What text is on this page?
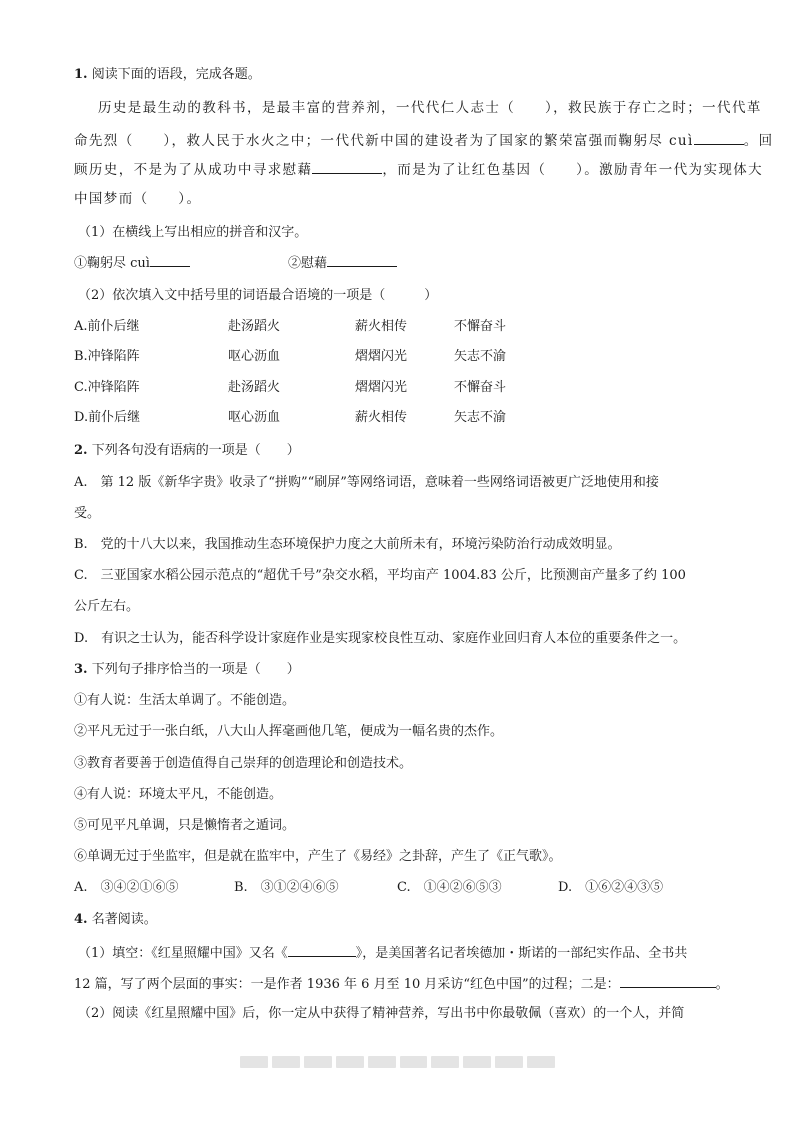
1. 阅读下面的语段，完成各题。
历史是最生动的教科书，是最丰富的营养剂，一代代仁人志士（　　），救民族于存亡之时；一代代革
命先烈（　　），救人民于水火之中；一代代新中国的建设者为了国家的繁荣富强而鞠躬尽 cuì	。回
顾历史，不是为了从成功中寻求慰藉	，而是为了让红色基因（　　）。激励青年一代为实现体大
中国梦而（　　）。
（1）在横线上写出相应的拼音和汉字。
①鞠躬尽 cuì	②慰藉
（2）依次填入文中括号里的词语最合语境的一项是（　　　）
A.前仆后继	赴汤蹈火	薪火相传	不懈奋斗
B.冲锋陷阵	呕心沥血	熠熠闪光	矢志不渝
C.冲锋陷阵	赴汤蹈火	熠熠闪光	不懈奋斗
D.前仆后继	呕心沥血	薪火相传	矢志不渝
2. 下列各句没有语病的一项是（　　）
A.　第 12 版《新华字贵》收录了“拼购”“刷屏”等网络词语，意味着一些网络词语被更广泛地使用和接
受。
B.　党的十八大以来，我国推动生态环境保护力度之大前所未有，环境污染防治行动成效明显。
C.　三亚国家水稻公园示范点的“超优千号”杂交水稻，平均亩产 1004.83 公斤，比预测亩产量多了约 100
公斤左右。
D.　有识之士认为，能否科学设计家庭作业是实现家校良性互动、家庭作业回归育人本位的重要条件之一。
3. 下列句子排序恰当的一项是（　　）
①有人说：生活太单调了。不能创造。
②平凡无过于一张白纸，八大山人挥毫画他几笔，便成为一幅名贵的杰作。
③教育者要善于创造值得自己崇拜的创造理论和创造技术。
④有人说：环境太平凡，不能创造。
⑤可见平凡单调，只是懒惰者之遁词。
⑥单调无过于坐监牢，但是就在监牢中，产生了《易经》之卦辞，产生了《正气歌》。
A.　③④②①⑥⑤	B.　③①②④⑥⑤	C.　①④②⑥⑤③	D.　①⑥②④③⑤
4. 名著阅读。
（1）填空：《红星照耀中国》又名《	》，是美国著名记者埃德加・斯诺的一部纪实作品、全书共
12 篇，写了两个层面的事实：一是作者 1936 年 6 月至 10 月采访“红色中国”的过程；二是：	。
（2）阅读《红星照耀中国》后，你一定从中获得了精神营养，写出书中你最敬佩（喜欢）的一个人，并简
